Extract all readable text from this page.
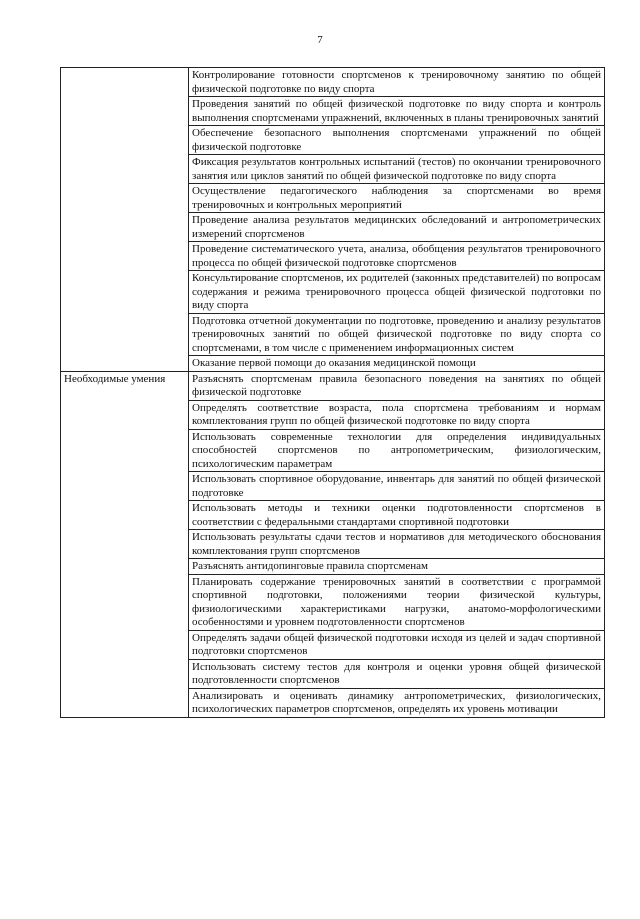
7
	Контролирование готовности спортсменов к тренировочному занятию по общей физической подготовке по виду спорта
	Проведения занятий по общей физической подготовке по виду спорта и контроль выполнения спортсменами упражнений, включенных в планы тренировочных занятий
	Обеспечение безопасного выполнения спортсменами упражнений по общей физической подготовке
	Фиксация результатов контрольных испытаний (тестов) по окончании тренировочного занятия или циклов занятий по общей физической подготовке по виду спорта
	Осуществление педагогического наблюдения за спортсменами во время тренировочных и контрольных мероприятий
	Проведение анализа результатов медицинских обследований и антропометрических измерений спортсменов
	Проведение систематического учета, анализа, обобщения результатов тренировочного процесса по общей физической подготовке спортсменов
	Консультирование спортсменов, их родителей (законных представителей) по вопросам содержания и режима тренировочного процесса общей физической подготовки по виду спорта
	Подготовка отчетной документации по подготовке, проведению и анализу результатов тренировочных занятий по общей физической подготовке по виду спорта со спортсменами, в том числе с применением информационных систем
	Оказание первой помощи до оказания медицинской помощи
Необходимые умения	Разъяснять спортсменам правила безопасного поведения на занятиях по общей физической подготовке
	Определять соответствие возраста, пола спортсмена требованиям и нормам комплектования групп по общей физической подготовке по виду спорта
	Использовать современные технологии для определения индивидуальных способностей спортсменов по антропометрическим, физиологическим, психологическим параметрам
	Использовать спортивное оборудование, инвентарь для занятий по общей физической подготовке
	Использовать методы и техники оценки подготовленности спортсменов в соответствии с федеральными стандартами спортивной подготовки
	Использовать результаты сдачи тестов и нормативов для методического обоснования комплектования групп спортсменов
	Разъяснять антидопинговые правила спортсменам
	Планировать содержание тренировочных занятий в соответствии с программой спортивной подготовки, положениями теории физической культуры, физиологическими характеристиками нагрузки, анатомо-морфологическими особенностями и уровнем подготовленности спортсменов
	Определять задачи общей физической подготовки исходя из целей и задач спортивной подготовки спортсменов
	Использовать систему тестов для контроля и оценки уровня общей физической подготовленности спортсменов
	Анализировать и оценивать динамику антропометрических, физиологических, психологических параметров спортсменов, определять их уровень мотивации
